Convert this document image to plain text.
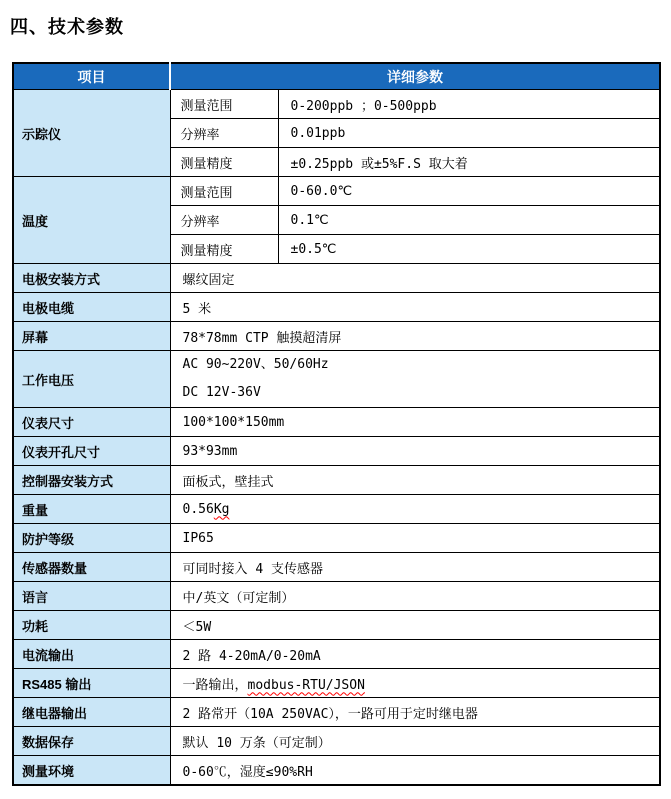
四、技术参数
项目	详细参数	
示踪仪	测量范围	0-200ppb ；0-500ppb
	分辨率	0.01ppb
	测量精度	±0.25ppb 或±5%F.S 取大着
温度	测量范围	0-60.0℃
	分辨率	0.1℃
	测量精度	±0.5℃
电极安装方式	螺纹固定	
电极电缆	5 米	
屏幕	78*78mm CTP 触摸超清屏	
工作电压	AC 90~220V、50/60Hz
DC 12V-36V	

仪表尺寸	100*100*150mm	
仪表开孔尺寸	93*93mm	
控制器安装方式	面板式，壁挂式	
重量	0.56Kg	
防护等级	IP65	
传感器数量	可同时接入 4 支传感器	
语言	中/英文（可定制）	
功耗	＜5W	
电流输出	2 路 4-20mA/0-20mA	
RS485 输出	一路输出，modbus-RTU/JSON	
继电器输出	2 路常开（10A 250VAC），一路可用于定时继电器	
数据保存	默认 10 万条（可定制）	
测量环境	0-60℃，湿度≤90%RH	
